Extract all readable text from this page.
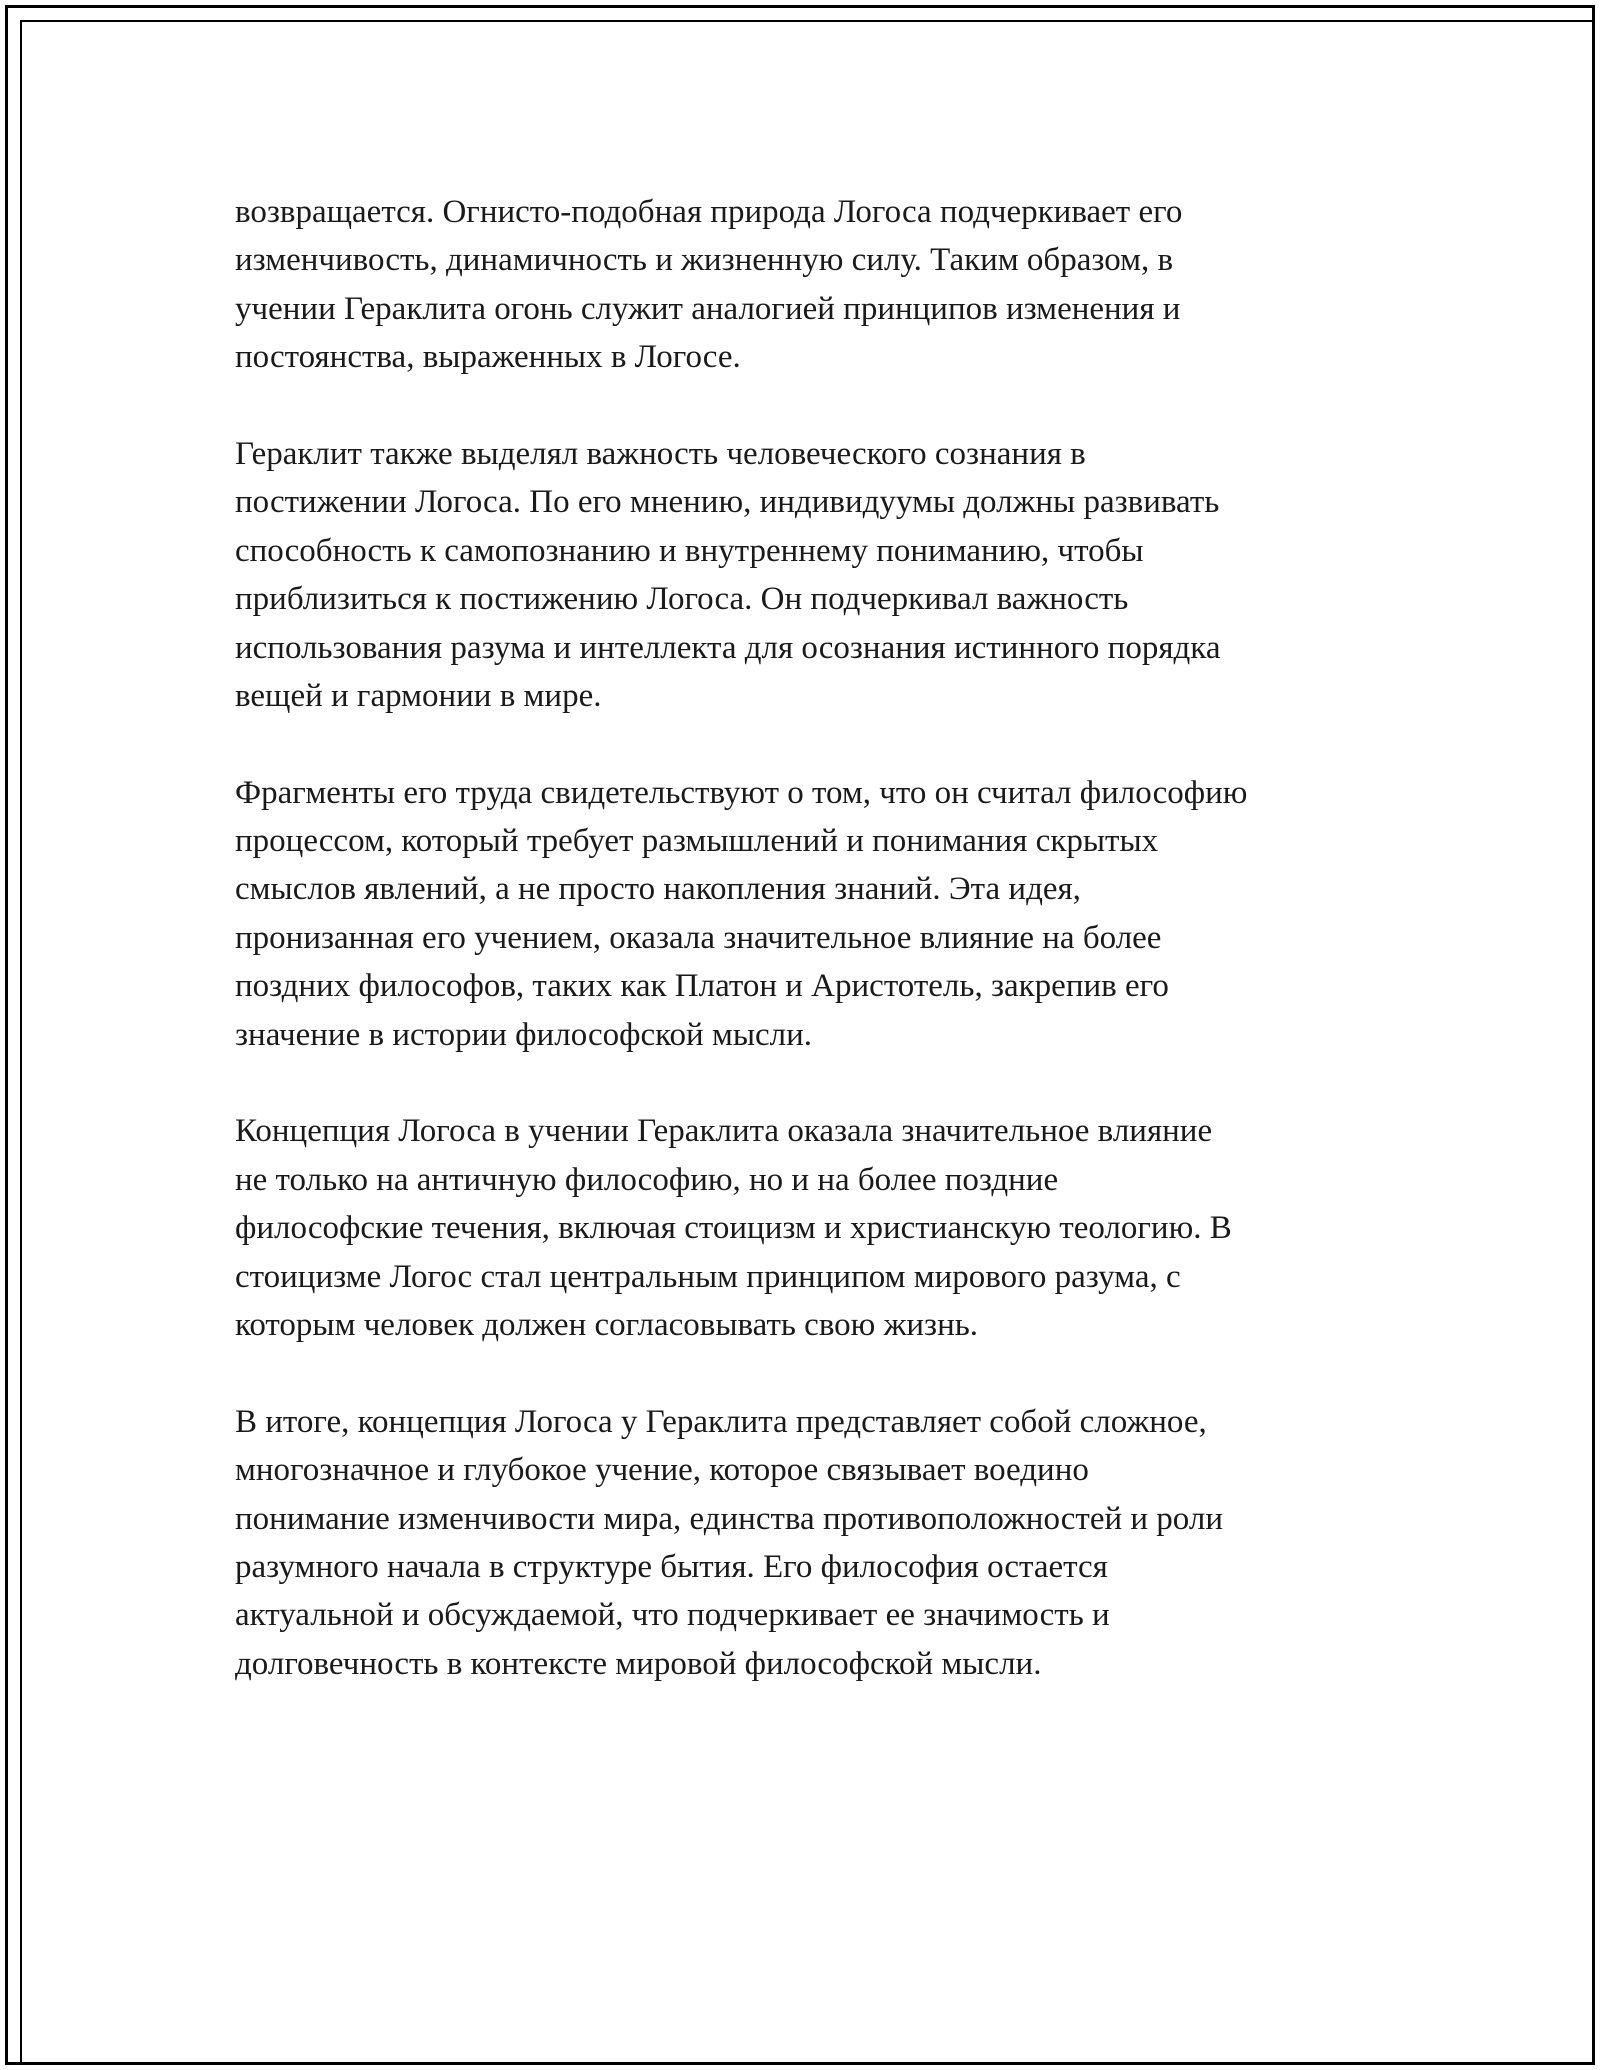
возвращается. Огнисто-подобная природа Логоса подчеркивает его
изменчивость, динамичность и жизненную силу. Таким образом, в
учении Гераклита огонь служит аналогией принципов изменения и
постоянства, выраженных в Логосе.
Гераклит также выделял важность человеческого сознания в
постижении Логоса. По его мнению, индивидуумы должны развивать
способность к самопознанию и внутреннему пониманию, чтобы
приблизиться к постижению Логоса. Он подчеркивал важность
использования разума и интеллекта для осознания истинного порядка
вещей и гармонии в мире.
Фрагменты его труда свидетельствуют о том, что он считал философию
процессом, который требует размышлений и понимания скрытых
смыслов явлений, а не просто накопления знаний. Эта идея,
пронизанная его учением, оказала значительное влияние на более
поздних философов, таких как Платон и Аристотель, закрепив его
значение в истории философской мысли.
Концепция Логоса в учении Гераклита оказала значительное влияние
не только на античную философию, но и на более поздние
философские течения, включая стоицизм и христианскую теологию. В
стоицизме Логос стал центральным принципом мирового разума, с
которым человек должен согласовывать свою жизнь.
В итоге, концепция Логоса у Гераклита представляет собой сложное,
многозначное и глубокое учение, которое связывает воедино
понимание изменчивости мира, единства противоположностей и роли
разумного начала в структуре бытия. Его философия остается
актуальной и обсуждаемой, что подчеркивает ее значимость и
долговечность в контексте мировой философской мысли.
